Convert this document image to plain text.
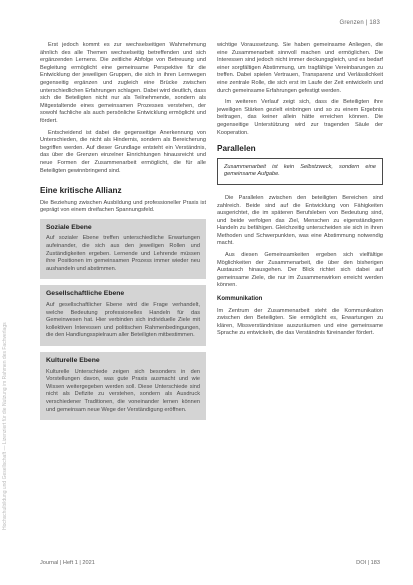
Grenzen | 183
Hochschulbildung und Gesellschaft — Lizenziert für die Nutzung im Rahmen des Fachverlags

Erst jedoch kommt es zur wechselseitigen Wahrnehmung ähnlich des alle Themen wechselseitig betreffenden und sich ergänzenden Lernens. Die zeitliche Abfolge von Betreuung und Begleitung ermöglicht eine gemeinsame Perspektive für die Entwicklung der jeweiligen Gruppen, die sich in ihren Lernwegen gegenseitig ergänzen und zugleich eine Brücke zwischen unterschiedlichen Erfahrungen schlagen. Dabei wird deutlich, dass sich die Beteiligten nicht nur als Teilnehmende, sondern als Mitgestaltende eines gemeinsamen Prozesses verstehen, der sowohl fachliche als auch persönliche Entwicklung ermöglicht und fördert.

Entscheidend ist dabei die gegenseitige Anerkennung von Unterschieden, die nicht als Hindernis, sondern als Bereicherung begriffen werden. Auf dieser Grundlage entsteht ein Verständnis, das über die Grenzen einzelner Einrichtungen hinausreicht und neue Formen der Zusammenarbeit ermöglicht, die für alle Beteiligten gewinnbringend sind.

Eine kritische Allianz

Die Beziehung zwischen Ausbildung und professioneller Praxis ist geprägt von einem dreifachen Spannungsfeld.

Soziale Ebene

Auf sozialer Ebene treffen unterschiedliche Erwartungen aufeinander, die sich aus den jeweiligen Rollen und Zuständigkeiten ergeben. Lernende und Lehrende müssen ihre Positionen im gemeinsamen Prozess immer wieder neu aushandeln und abstimmen.

Gesellschaftliche Ebene

Auf gesellschaftlicher Ebene wird die Frage verhandelt, welche Bedeutung professionelles Handeln für das Gemeinwesen hat. Hier verbinden sich individuelle Ziele mit kollektiven Interessen und politischen Rahmenbedingungen, die den Handlungsspielraum aller Beteiligten mitbestimmen.

Kulturelle Ebene

Kulturelle Unterschiede zeigen sich besonders in den Vorstellungen davon, was gute Praxis ausmacht und wie Wissen weitergegeben werden soll. Diese Unterschiede sind nicht als Defizite zu verstehen, sondern als Ausdruck verschiedener Traditionen, die voneinander lernen können und gemeinsam neue Wege der Verständigung eröffnen.

wichtige Voraussetzung. Sie haben gemeinsame Anliegen, die eine Zusammenarbeit sinnvoll machen und ermöglichen. Die Interessen sind jedoch nicht immer deckungsgleich, und es bedarf einer sorgfältigen Abstimmung, um tragfähige Vereinbarungen zu treffen. Dabei spielen Vertrauen, Transparenz und Verlässlichkeit eine zentrale Rolle, die sich erst im Laufe der Zeit entwickeln und durch gemeinsame Erfahrungen gefestigt werden.

Im weiteren Verlauf zeigt sich, dass die Beteiligten ihre jeweiligen Stärken gezielt einbringen und so zu einem Ergebnis beitragen, das keiner allein hätte erreichen können. Die gegenseitige Unterstützung wird zur tragenden Säule der Kooperation.

Parallelen
Zusammenarbeit ist kein Selbstzweck, sondern eine gemeinsame Aufgabe.

Die Parallelen zwischen den beteiligten Bereichen sind zahlreich. Beide sind auf die Entwicklung von Fähigkeiten ausgerichtet, die im späteren Berufsleben von Bedeutung sind, und beide verfolgen das Ziel, Menschen zu eigenständigem Handeln zu befähigen. Gleichzeitig unterscheiden sie sich in ihren Methoden und Schwerpunkten, was eine Abstimmung notwendig macht.

Aus diesen Gemeinsamkeiten ergeben sich vielfältige Möglichkeiten der Zusammenarbeit, die über den bisherigen Austausch hinausgehen. Der Blick richtet sich dabei auf gemeinsame Ziele, die nur im Zusammenwirken erreicht werden können.

Kommunikation

Im Zentrum der Zusammenarbeit steht die Kommunikation zwischen den Beteiligten. Sie ermöglicht es, Erwartungen zu klären, Missverständnisse auszuräumen und eine gemeinsame Sprache zu entwickeln, die das Verständnis füreinander fördert.

Journal | Heft 1 | 2021	DOI | 183
